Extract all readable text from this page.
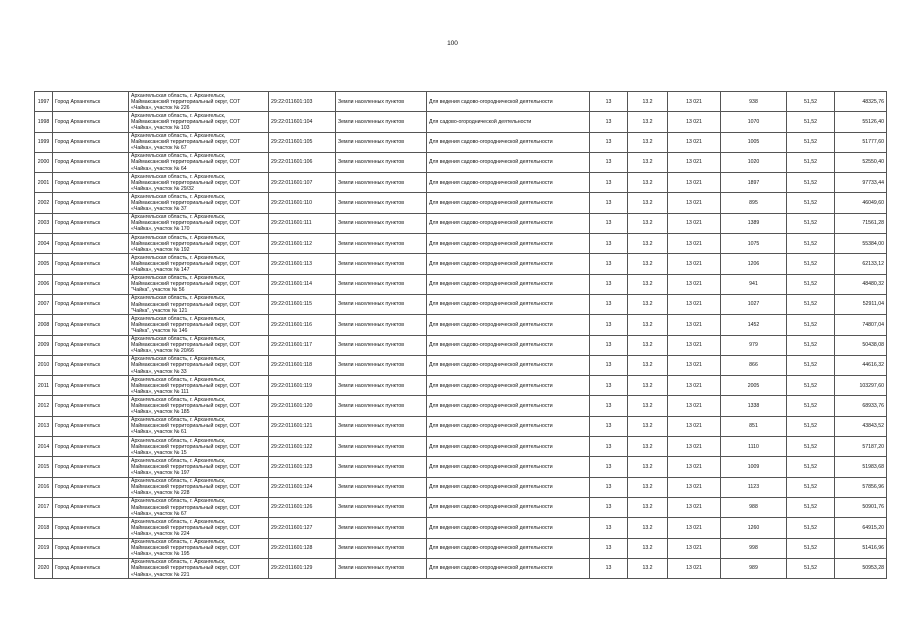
100
1997	Город Архангельск	Архангельская область, г. Архангельск,
Маймаксанский территориальный округ, СОТ
«Чайка», участок № 226	29:22:011601:103	Земли населенных пунктов	Для ведения садово-огороднической деятельности	13	13.2	13 021	938	51,52	48325,76
1998	Город Архангельск	Архангельская область, г. Архангельск,
Маймаксанский территориальный округ, СОТ
«Чайка», участок № 103	29:22:011601:104	Земли населенных пунктов	Для садово-огороднической деятельности	13	13.2	13 021	1070	51,52	55126,40
1999	Город Архангельск	Архангельская область, г. Архангельск,
Маймаксанский территориальный округ, СОТ
«Чайка», участок № 67	29:22:011601:105	Земли населенных пунктов	Для ведения садово-огороднической деятельности	13	13.2	13 021	1005	51,52	51777,60
2000	Город Архангельск	Архангельская область, г. Архангельск,
Маймаксанский территориальный округ, СОТ
«Чайка», участок № 64	29:22:011601:106	Земли населенных пунктов	Для ведения садово-огороднической деятельности	13	13.2	13 021	1020	51,52	52550,40
2001	Город Архангельск	Архангельская область, г. Архангельск,
Маймаксанский территориальный округ, СОТ
«Чайка», участок № 29/32	29:22:011601:107	Земли населенных пунктов	Для ведения садово-огороднической деятельности	13	13.2	13 021	1897	51,52	97733,44
2002	Город Архангельск	Архангельская область, г. Архангельск,
Маймаксанский территориальный округ, СОТ
«Чайка», участок № 37	29:22:011601:110	Земли населенных пунктов	Для ведения садово-огороднической деятельности	13	13.2	13 021	895	51,52	46049,60
2003	Город Архангельск	Архангельская область, г. Архангельск,
Маймаксанский территориальный округ, СОТ
«Чайка», участок № 170	29:22:011601:111	Земли населенных пунктов	Для ведения садово-огороднической деятельности	13	13.2	13 021	1389	51,52	71561,28
2004	Город Архангельск	Архангельская область, г. Архангельск,
Маймаксанский территориальный округ, СОТ
«Чайка», участок № 192	29:22:011601:112	Земли населенных пунктов	Для ведения садово-огороднической деятельности	13	13.2	13 021	1075	51,52	55384,00
2005	Город Архангельск	Архангельская область, г. Архангельск,
Маймаксанский территориальный округ, СОТ
«Чайка», участок № 147	29:22:011601:113	Земли населенных пунктов	Для ведения садово-огороднической деятельности	13	13.2	13 021	1206	51,52	62133,12
2006	Город Архангельск	Архангельская область, г. Архангельск,
Маймаксанский территориальный округ, СОТ
"Чайка", участок № 56	29:22:011601:114	Земли населенных пунктов	Для ведения садово-огороднической деятельности	13	13.2	13 021	941	51,52	48480,32
2007	Город Архангельск	Архангельская область, г. Архангельск,
Маймаксанский территориальный округ, СОТ
"Чайка", участок № 121	29:22:011601:115	Земли населенных пунктов	Для ведения садово-огороднической деятельности	13	13.2	13 021	1027	51,52	52911,04
2008	Город Архангельск	Архангельская область, г. Архангельск,
Маймаксанский территориальный округ, СОТ
"Чайка", участок № 146	29:22:011601:116	Земли населенных пунктов	Для ведения садово-огороднической деятельности	13	13.2	13 021	1452	51,52	74807,04
2009	Город Архангельск	Архангельская область, г. Архангельск,
Маймаксанский территориальный округ, СОТ
«Чайка», участок № 20/66	29:22:011601:117	Земли населенных пунктов	Для ведения садово-огороднической деятельности	13	13.2	13 021	979	51,52	50438,08
2010	Город Архангельск	Архангельская область, г. Архангельск,
Маймаксанский территориальный округ, СОТ
«Чайка», участок № 33	29:22:011601:118	Земли населенных пунктов	Для ведения садово-огороднической деятельности	13	13.2	13 021	866	51,52	44616,32
2011	Город Архангельск	Архангельская область, г. Архангельск,
Маймаксанский территориальный округ, СОТ
«Чайка», участок № 111	29:22:011601:119	Земли населенных пунктов	Для ведения садово-огороднической деятельности	13	13.2	13 021	2005	51,52	103297,60
2012	Город Архангельск	Архангельская область, г. Архангельск,
Маймаксанский территориальный округ, СОТ
«Чайка», участок № 185	29:22:011601:120	Земли населенных пунктов	Для ведения садово-огороднической деятельности	13	13.2	13 021	1338	51,52	68933,76
2013	Город Архангельск	Архангельская область, г. Архангельск,
Маймаксанский территориальный округ, СОТ
«Чайка», участок № 61	29:22:011601:121	Земли населенных пунктов	Для ведения садово-огороднической деятельности	13	13.2	13 021	851	51,52	43843,52
2014	Город Архангельск	Архангельская область, г. Архангельск,
Маймаксанский территориальный округ, СОТ
«Чайка», участок № 15	29:22:011601:122	Земли населенных пунктов	Для ведения садово-огороднической деятельности	13	13.2	13 021	1110	51,52	57187,20
2015	Город Архангельск	Архангельская область, г. Архангельск,
Маймаксанский территориальный округ, СОТ
«Чайка», участок № 197	29:22:011601:123	Земли населенных пунктов	Для ведения садово-огороднической деятельности	13	13.2	13 021	1009	51,52	51983,68
2016	Город Архангельск	Архангельская область, г. Архангельск,
Маймаксанский территориальный округ, СОТ
«Чайка», участок № 228	29:22:011601:124	Земли населенных пунктов	Для ведения садово-огороднической деятельности	13	13.2	13 021	1123	51,52	57856,96
2017	Город Архангельск	Архангельская область, г. Архангельск,
Маймаксанский территориальный округ, СОТ
«Чайка», участок № 67	29:22:011601:126	Земли населенных пунктов	Для ведения садово-огороднической деятельности	13	13.2	13 021	988	51,52	50901,76
2018	Город Архангельск	Архангельская область, г. Архангельск,
Маймаксанский территориальный округ, СОТ
«Чайка», участок № 224	29:22:011601:127	Земли населенных пунктов	Для ведения садово-огороднической деятельности	13	13.2	13 021	1260	51,52	64915,20
2019	Город Архангельск	Архангельская область, г. Архангельск,
Маймаксанский территориальный округ, СОТ
«Чайка», участок № 195	29:22:011601:128	Земли населенных пунктов	Для ведения садово-огороднической деятельности	13	13.2	13 021	998	51,52	51416,96
2020	Город Архангельск	Архангельская область, г. Архангельск,
Маймаксанский территориальный округ, СОТ
«Чайка», участок № 221	29:22:011601:129	Земли населенных пунктов	Для ведения садово-огороднической деятельности	13	13.2	13 021	989	51,52	50953,28
